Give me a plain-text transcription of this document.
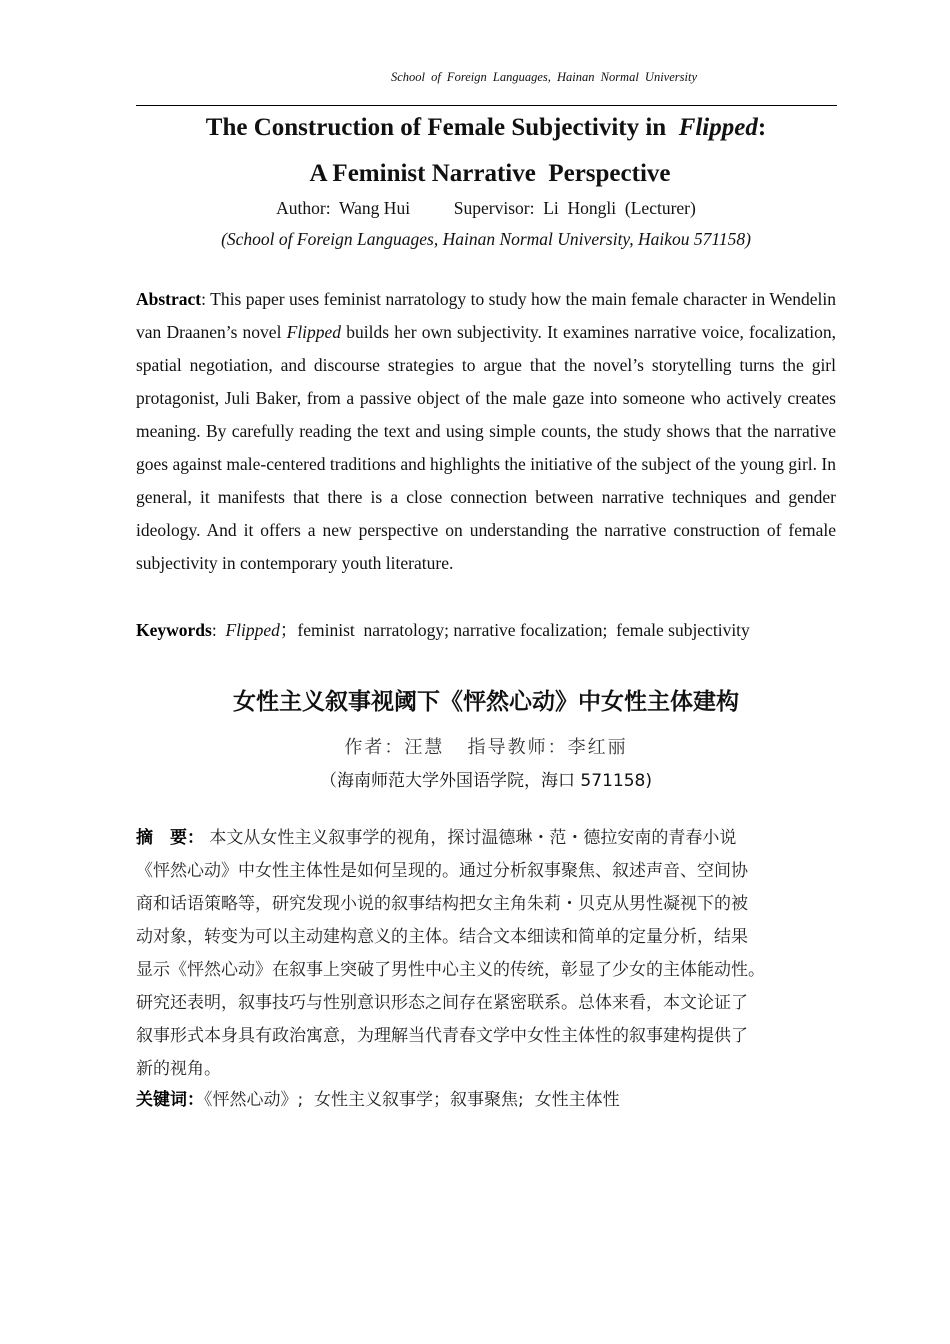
School of Foreign Languages, Hainan Normal University
The Construction of Female Subjectivity in  Flipped:
A Feminist Narrative  Perspective
Author:  Wang Hui          Supervisor:  Li  Hongli  (Lecturer)
(School of Foreign Languages, Hainan Normal University, Haikou 571158)

Abstract: This paper uses feminist narratology to study how the main female character in Wendelin van Draanen’s novel Flipped builds her own subjectivity. It examines narrative voice, focalization, spatial negotiation, and discourse strategies to argue that the novel’s storytelling turns the girl protagonist, Juli Baker, from a passive object of the male gaze into someone who actively creates meaning. By carefully reading the text and using simple counts, the study shows that the narrative goes against male-centered traditions and highlights the initiative of the subject of the young girl. In general, it manifests that there is a close connection between narrative techniques and gender ideology. And it offers a new perspective on understanding the narrative construction of female subjectivity in contemporary youth literature.

Keywords:  Flipped；feminist  narratology; narrative focalization;  female subjectivity
女性主义叙事视阈下《怦然心动》中女性主体建构
作者：汪慧   指导教师：李红丽
（海南师范大学外国语学院，海口 571158)
摘　要： 本文从女性主义叙事学的视角，探讨温德琳・范・德拉安南的青春小说
《怦然心动》中女性主体性是如何呈现的。通过分析叙事聚焦、叙述声音、空间协
商和话语策略等，研究发现小说的叙事结构把女主角朱莉・贝克从男性凝视下的被
动对象，转变为可以主动建构意义的主体。结合文本细读和简单的定量分析，结果
显示《怦然心动》在叙事上突破了男性中心主义的传统，彰显了少女的主体能动性。
研究还表明，叙事技巧与性别意识形态之间存在紧密联系。总体来看，本文论证了
叙事形式本身具有政治寓意，为理解当代青春文学中女性主体性的叙事建构提供了
新的视角。
关键词：《怦然心动》;  女性主义叙事学；叙事聚焦;  女性主体性
